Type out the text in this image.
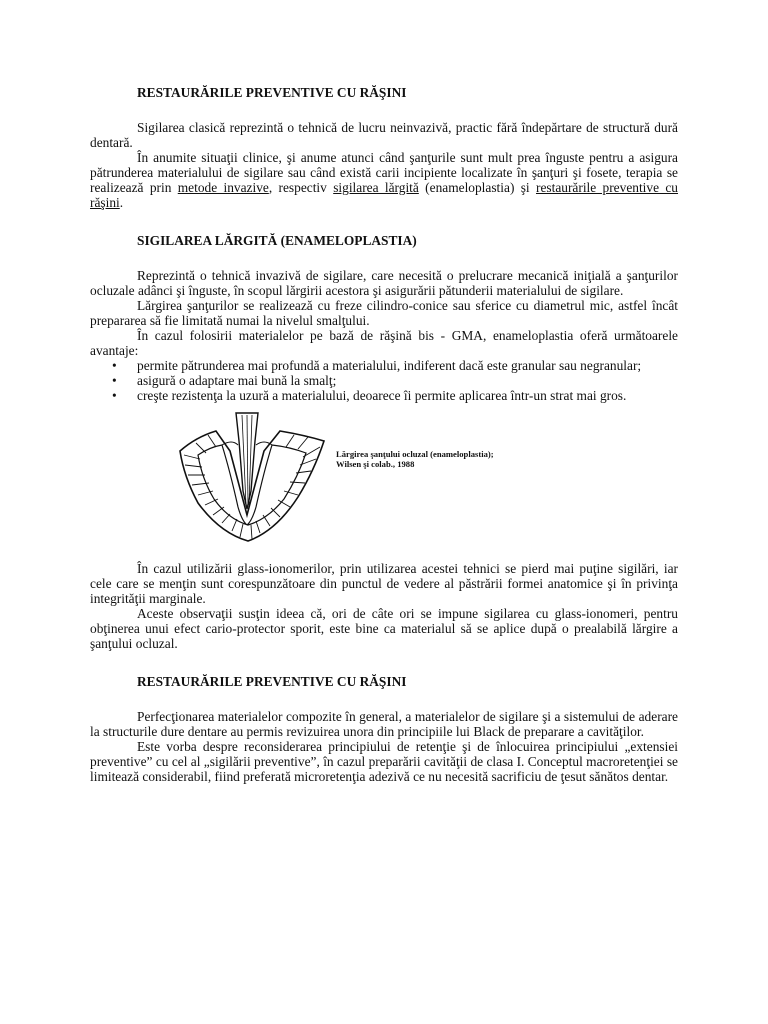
RESTAURĂRILE PREVENTIVE CU RĂŞINI

Sigilarea clasică reprezintă o tehnică de lucru neinvazivă, practic fără îndepărtare de structură dură dentară.

În anumite situaţii clinice, şi anume atunci când şanţurile sunt mult prea înguste pentru a asigura pătrunderea materialului de sigilare sau când există carii incipiente localizate în şanţuri şi fosete, terapia se realizează prin metode invazive, respectiv sigilarea lărgită (enameloplastia) şi restaurările preventive cu răşini.

SIGILAREA LĂRGITĂ (ENAMELOPLASTIA)

Reprezintă o tehnică invazivă de sigilare, care necesită o prelucrare mecanică iniţială a şanţurilor ocluzale adânci şi înguste, în scopul lărgirii acestora şi asigurării pătunderii materialului de sigilare.

Lărgirea şanţurilor se realizează cu freze cilindro-conice sau sferice cu diametrul mic, astfel încât prepararea să fie limitată numai la nivelul smalţului.

În cazul folosirii materialelor pe bază de răşină bis - GMA, enameloplastia oferă următoarele avantaje:

• permite pătrunderea mai profundă a materialului, indiferent dacă este granular sau negranular;
• asigură o adaptare mai bună la smalţ;
• creşte rezistenţa la uzură a materialului, deoarece îi permite aplicarea într-un strat mai gros.
Lărgirea şanţului ocluzal (enameloplastia);
Wilsen şi colab., 1988

În cazul utilizării glass-ionomerilor, prin utilizarea acestei tehnici se pierd mai puţine sigilări, iar cele care se menţin sunt corespunzătoare din punctul de vedere al păstrării formei anatomice şi în privinţa integrităţii marginale.

Aceste observaţii susţin ideea că, ori de câte ori se impune sigilarea cu glass-ionomeri, pentru obţinerea unui efect cario-protector sporit, este bine ca materialul să se aplice după o prealabilă lărgire a şanţului ocluzal.

RESTAURĂRILE PREVENTIVE CU RĂŞINI

Perfecţionarea materialelor compozite în general, a materialelor de sigilare şi a sistemului de aderare la structurile dure dentare au permis revizuirea unora din principiile lui Black de preparare a cavităţilor.

Este vorba despre reconsiderarea principiului de retenţie şi de înlocuirea principiului „extensiei preventive” cu cel al „sigilării preventive”, în cazul preparării cavităţii de clasa I. Conceptul macroretenţiei se limitează considerabil, fiind preferată microretenţia adezivă ce nu necesită sacrificiu de ţesut sănătos dentar.
